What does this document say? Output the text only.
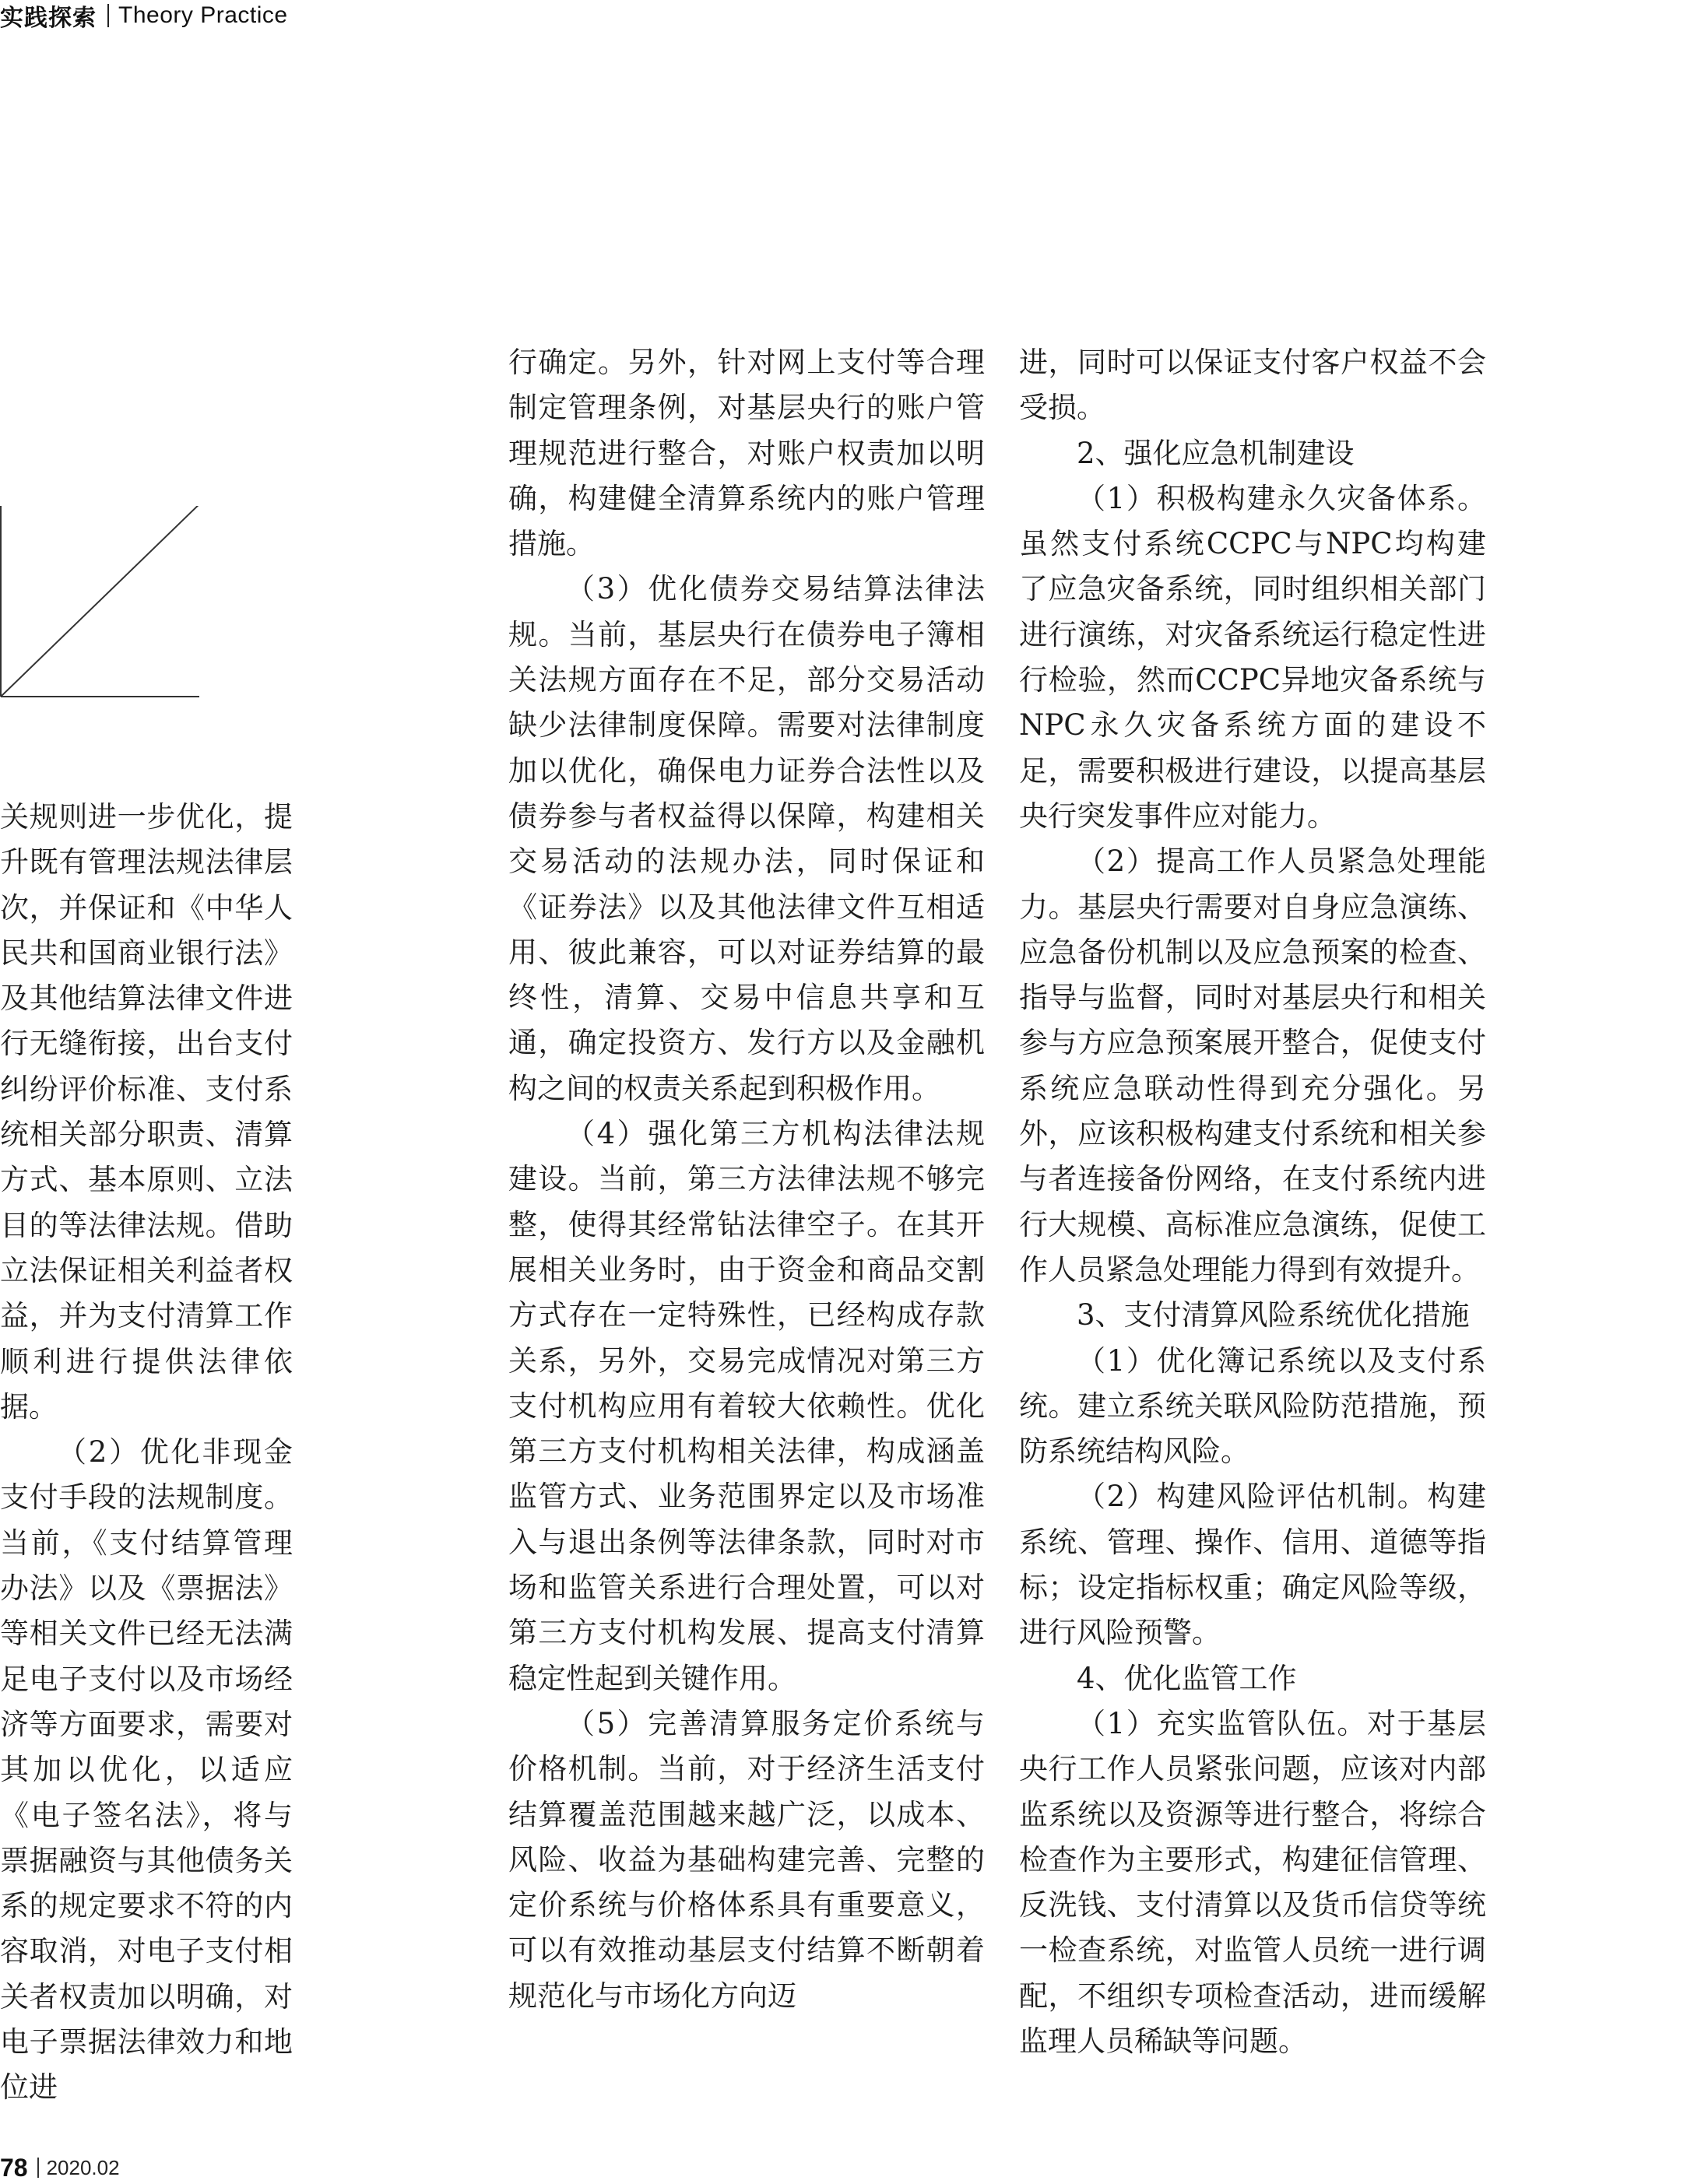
实践探索 Theory Practice

关规则进一步优化，提升既有管理法规法律层次，并保证和《中华人民共和国商业银行法》及其他结算法律文件进行无缝衔接，出台支付纠纷评价标准、支付系统相关部分职责、清算方式、基本原则、立法目的等法律法规。借助立法保证相关利益者权益，并为支付清算工作顺利进行提供法律依据。

（2）优化非现金支付手段的法规制度。当前，《支付结算管理办法》以及《票据法》等相关文件已经无法满足电子支付以及市场经济等方面要求，需要对其加以优化，以适应《电子签名法》，将与票据融资与其他债务关系的规定要求不符的内容取消，对电子支付相关者权责加以明确，对电子票据法律效力和地位进

行确定。另外，针对网上支付等合理制定管理条例，对基层央行的账户管理规范进行整合，对账户权责加以明确，构建健全清算系统内的账户管理措施。

（3）优化债券交易结算法律法规。当前，基层央行在债券电子簿相关法规方面存在不足，部分交易活动缺少法律制度保障。需要对法律制度加以优化，确保电力证券合法性以及债券参与者权益得以保障，构建相关交易活动的法规办法，同时保证和《证券法》以及其他法律文件互相适用、彼此兼容，可以对证券结算的最终性，清算、交易中信息共享和互通，确定投资方、发行方以及金融机构之间的权责关系起到积极作用。

（4）强化第三方机构法律法规建设。当前，第三方法律法规不够完整，使得其经常钻法律空子。在其开展相关业务时，由于资金和商品交割方式存在一定特殊性，已经构成存款关系，另外，交易完成情况对第三方支付机构应用有着较大依赖性。优化第三方支付机构相关法律，构成涵盖监管方式、业务范围界定以及市场准入与退出条例等法律条款，同时对市场和监管关系进行合理处置，可以对第三方支付机构发展、提高支付清算稳定性起到关键作用。

（5）完善清算服务定价系统与价格机制。当前，对于经济生活支付结算覆盖范围越来越广泛，以成本、风险、收益为基础构建完善、完整的定价系统与价格体系具有重要意义，可以有效推动基层支付结算不断朝着规范化与市场化方向迈

进，同时可以保证支付客户权益不会受损。

2、强化应急机制建设

（1）积极构建永久灾备体系。虽然支付系统CCPC与NPC均构建了应急灾备系统，同时组织相关部门进行演练，对灾备系统运行稳定性进行检验，然而CCPC异地灾备系统与NPC永久灾备系统方面的建设不足，需要积极进行建设，以提高基层央行突发事件应对能力。

（2）提高工作人员紧急处理能力。基层央行需要对自身应急演练、应急备份机制以及应急预案的检查、指导与监督，同时对基层央行和相关参与方应急预案展开整合，促使支付系统应急联动性得到充分强化。另外，应该积极构建支付系统和相关参与者连接备份网络，在支付系统内进行大规模、高标准应急演练，促使工作人员紧急处理能力得到有效提升。

3、支付清算风险系统优化措施

（1）优化簿记系统以及支付系统。建立系统关联风险防范措施，预防系统结构风险。

（2）构建风险评估机制。构建系统、管理、操作、信用、道德等指标；设定指标权重；确定风险等级，进行风险预警。

4、优化监管工作

（1）充实监管队伍。对于基层央行工作人员紧张问题，应该对内部监系统以及资源等进行整合，将综合检查作为主要形式，构建征信管理、反洗钱、支付清算以及货币信贷等统一检查系统，对监管人员统一进行调配，不组织专项检查活动，进而缓解监理人员稀缺等问题。

78 2020.02
